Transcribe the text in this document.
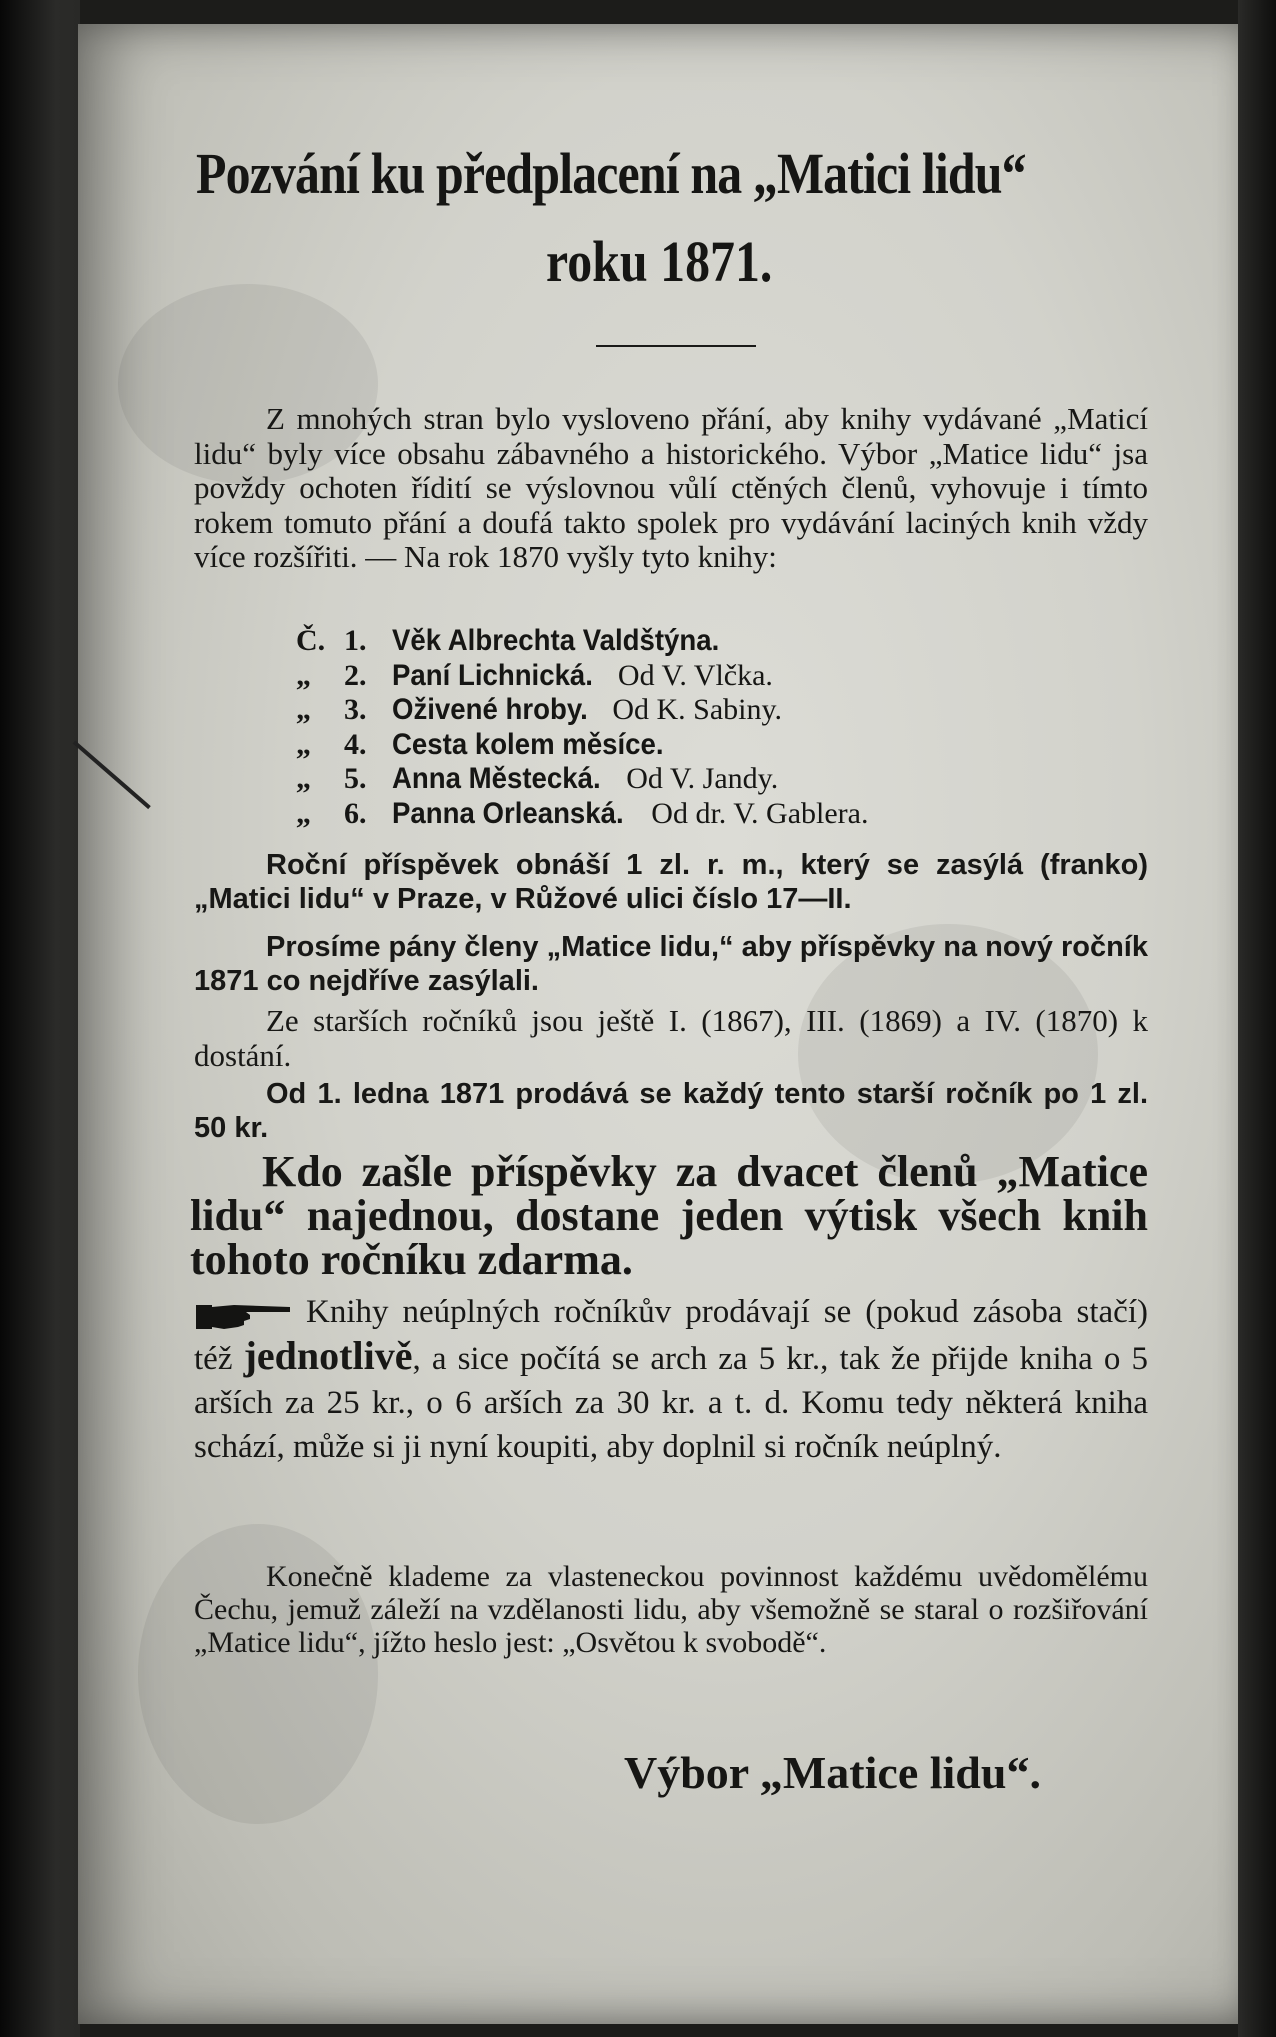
Pozvání ku předplacení na „Matici lidu“
roku 1871.
Z mnohých stran bylo vysloveno přání, aby knihy vydávané „Maticí lidu“ byly více obsahu zábavného a historického. Výbor „Matice lidu“ jsa povždy ochoten řídití se výslovnou vůlí ctěných členů, vyhovuje i tímto rokem tomuto přání a doufá takto spolek pro vydávání laciných knih vždy více rozšířiti. — Na rok 1870 vyšly tyto knihy:
Č. 1. Věk Albrechta Valdštýna.
„ 2. Paní Lichnická. Od V. Vlčka.
„ 3. Oživené hroby. Od K. Sabiny.
„ 4. Cesta kolem měsíce.
„ 5. Anna Městecká. Od V. Jandy.
„ 6. Panna Orleanská. Od dr. V. Gablera.
Roční příspěvek obnáší 1 zl. r. m., který se zasýlá (franko) „Matici lidu“ v Praze, v Růžové ulici číslo 17—II.
Prosíme pány členy „Matice lidu,“ aby příspěvky na nový ročník 1871 co nejdříve zasýlali.
Ze starších ročníků jsou ještě I. (1867), III. (1869) a IV. (1870) k dostání.
Od 1. ledna 1871 prodává se každý tento starší ročník po 1 zl. 50 kr.
Kdo zašle příspěvky za dvacet členů „Matice lidu“ najednou, dostane jeden výtisk všech knih tohoto ročníku zdarma.
Knihy neúplných ročníkův prodávají se (pokud zásoba stačí) též jednotlivě, a sice počítá se arch za 5 kr., tak že přijde kniha o 5 arších za 25 kr., o 6 arších za 30 kr. a t. d. Komu tedy některá kniha schází, může si ji nyní koupiti, aby doplnil si ročník neúplný.
Konečně klademe za vlasteneckou povinnost každému uvědomělému Čechu, jemuž záleží na vzdělanosti lidu, aby všemožně se staral o rozšiřování „Matice lidu“, jížto heslo jest: „Osvětou k svobodě“.
Výbor „Matice lidu“.
